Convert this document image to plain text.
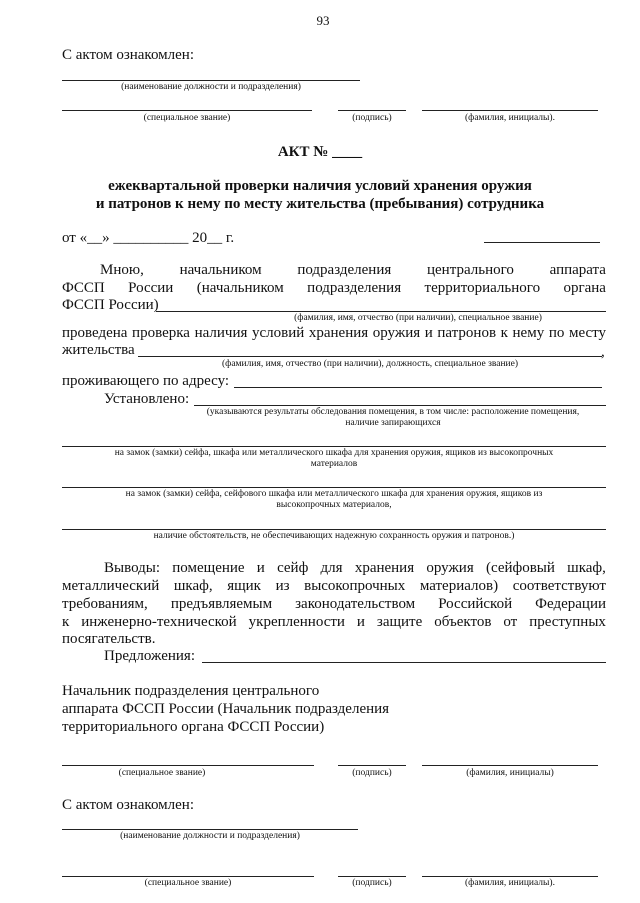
93
С актом ознакомлен:
(наименование должности и подразделения)
(специальное звание)	(подпись)	(фамилия, инициалы).
АКТ № ____
ежеквартальной проверки наличия условий хранения оружия
и патронов к нему по месту жительства (пребывания) сотрудника
от «__» __________ 20__ г.
Мною, начальником подразделения центрального аппарата
ФССП России (начальником подразделения территориального органа
ФССП России)
(фамилия, имя, отчество (при наличии), специальное звание)
проведена проверка наличия условий хранения оружия и патронов к нему по месту
жительства	,
(фамилия, имя, отчество (при наличии), должность, специальное звание)
проживающего по адресу:
Установлено:
(указываются результаты обследования помещения, в том числе: расположение помещения,
наличие запирающихся
на замок (замки) сейфа, шкафа или металлического шкафа для хранения оружия, ящиков из высокопрочных
материалов
на замок (замки) сейфа, сейфового шкафа или металлического шкафа для хранения оружия, ящиков из
высокопрочных материалов,
наличие обстоятельств, не обеспечивающих надежную сохранность оружия и патронов.)
Выводы: помещение и сейф для хранения оружия (сейфовый шкаф,
металлический шкаф, ящик из высокопрочных материалов) соответствуют
требованиям, предъявляемым законодательством Российской Федерации
к инженерно-технической укрепленности и защите объектов от преступных
посягательств.
Предложения:
Начальник подразделения центрального
аппарата ФССП России (Начальник подразделения
территориального органа ФССП России)
(специальное звание)	(подпись)	(фамилия, инициалы)
С актом ознакомлен:
(наименование должности и подразделения)
(специальное звание)	(подпись)	(фамилия, инициалы).
